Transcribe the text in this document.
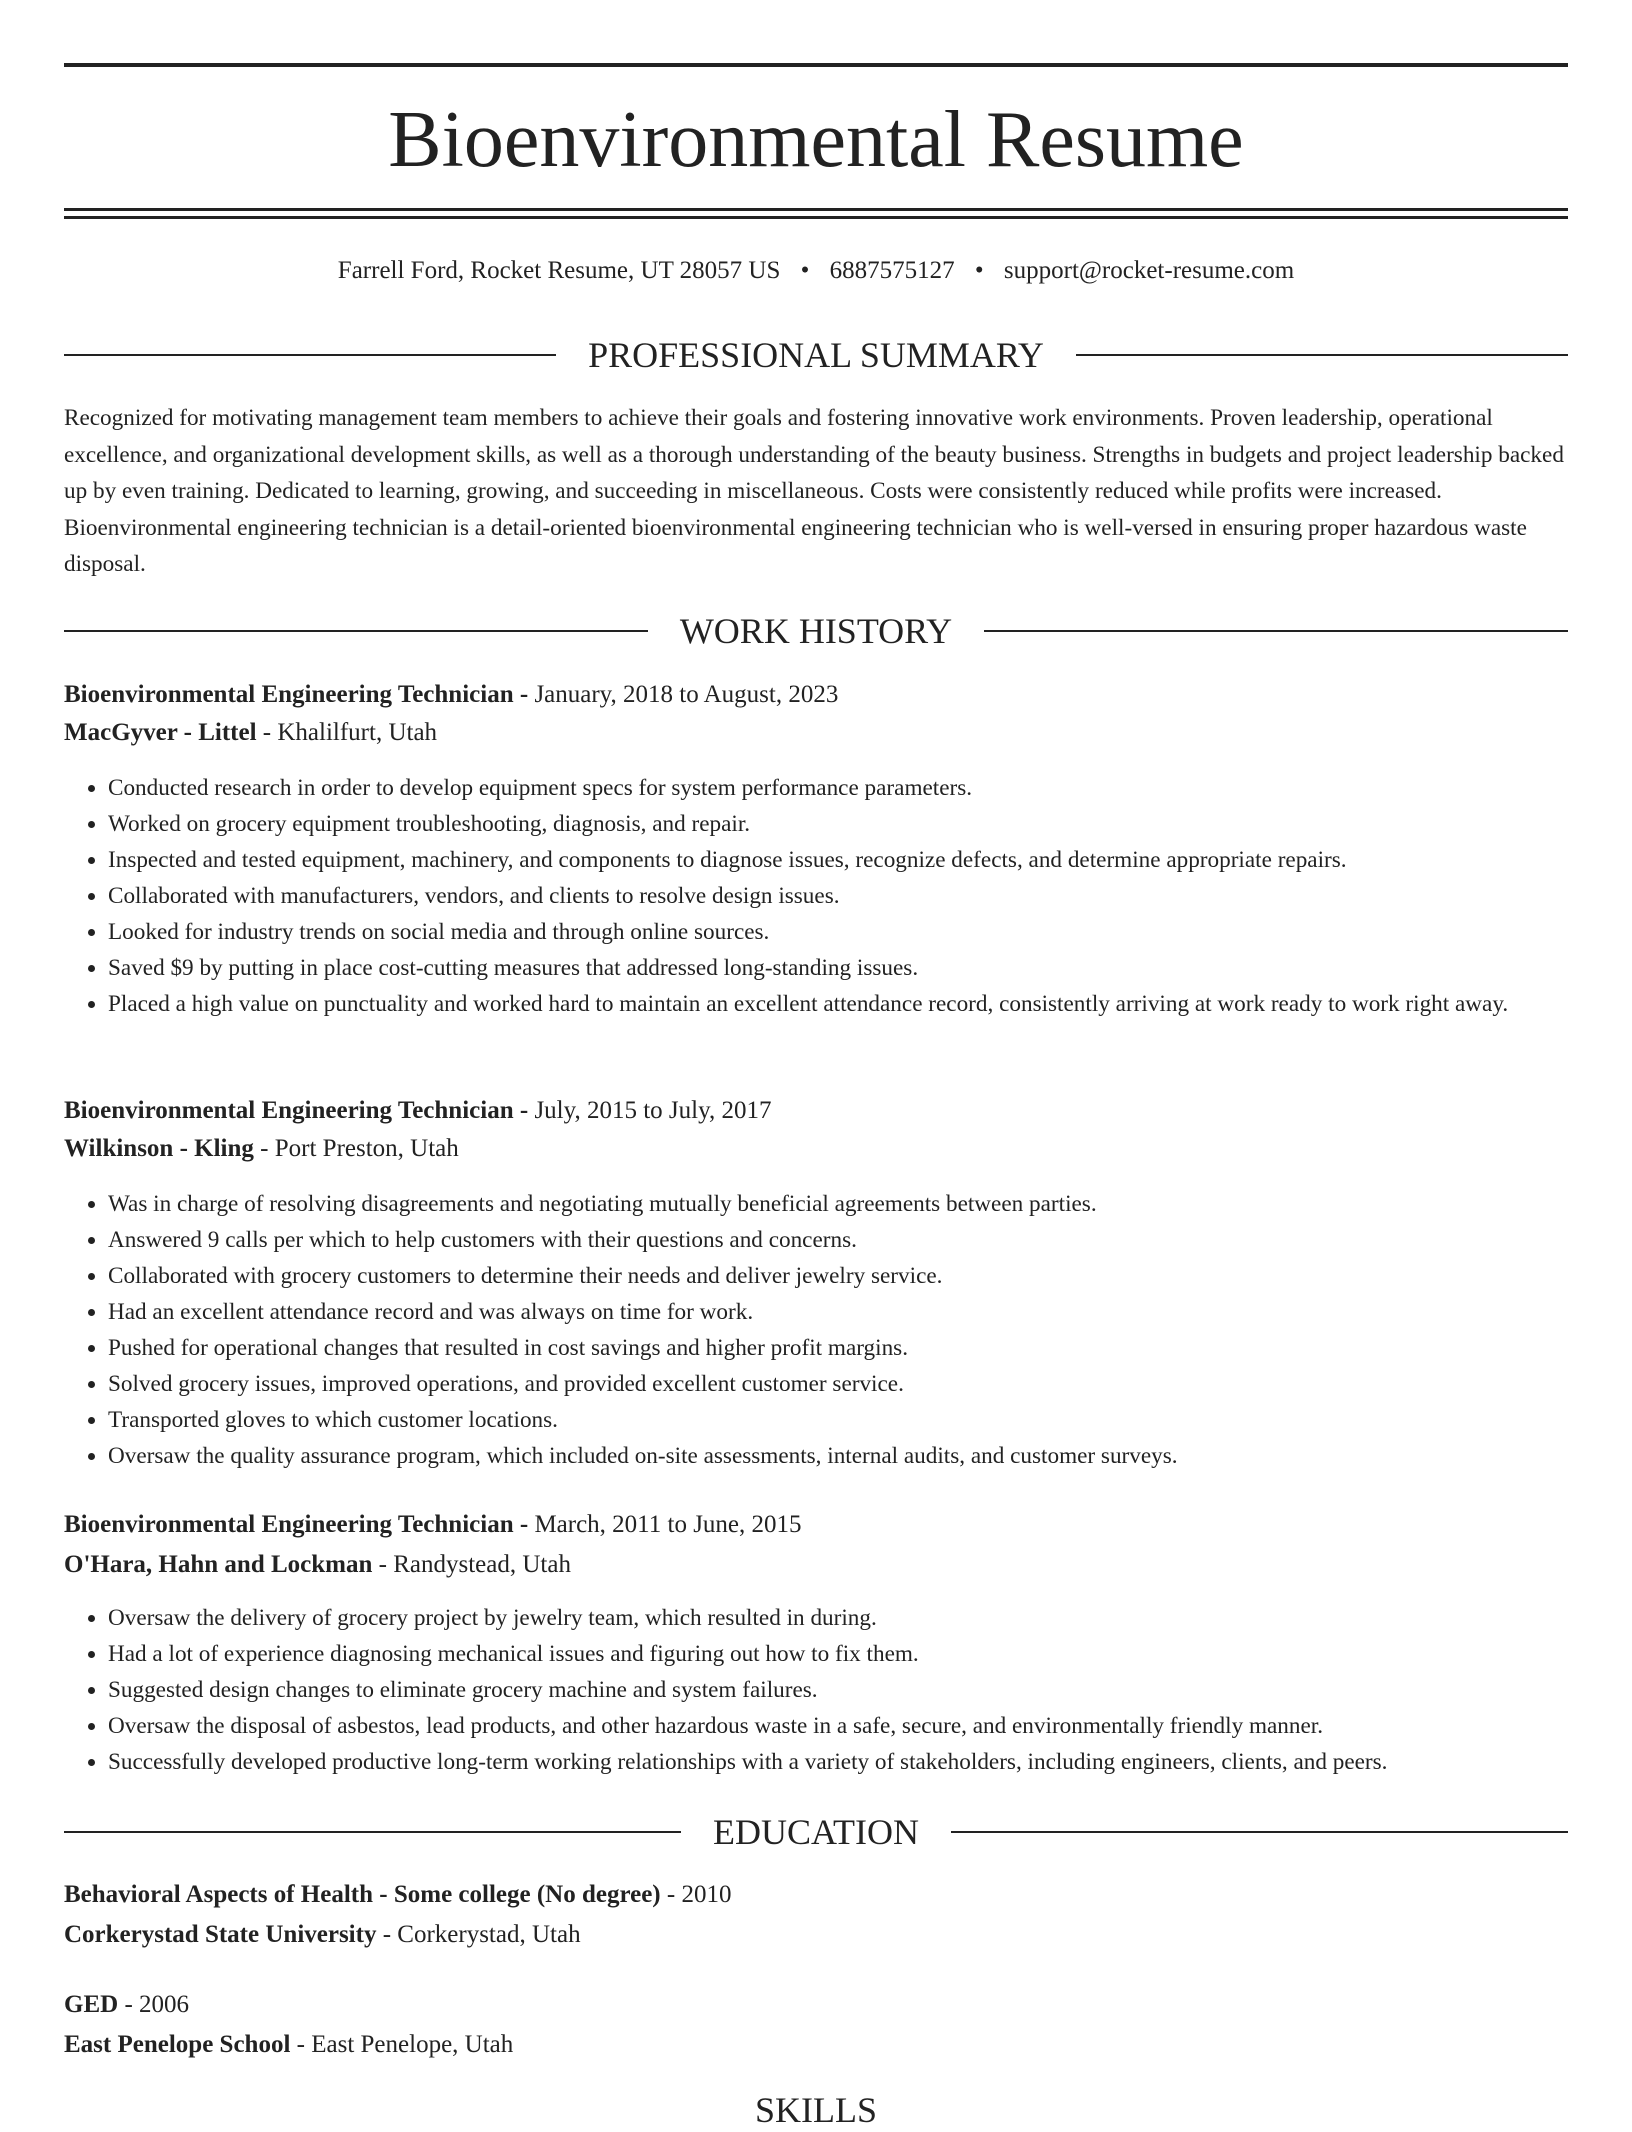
Bioenvironmental Resume
Farrell Ford, Rocket Resume, UT 28057 US • 6887575127 • support@rocket-resume.com
PROFESSIONAL SUMMARY

Recognized for motivating management team members to achieve their goals and fostering innovative work environments. Proven leadership, operational excellence, and organizational development skills, as well as a thorough understanding of the beauty business. Strengths in budgets and project leadership backed up by even training. Dedicated to learning, growing, and succeeding in miscellaneous. Costs were consistently reduced while profits were increased. Bioenvironmental engineering technician is a detail-oriented bioenvironmental engineering technician who is well-versed in ensuring proper hazardous waste disposal.

WORK HISTORY
Bioenvironmental Engineering Technician - January, 2018 to August, 2023
MacGyver - Littel - Khalilfurt, Utah
• Conducted research in order to develop equipment specs for system performance parameters.
• Worked on grocery equipment troubleshooting, diagnosis, and repair.
• Inspected and tested equipment, machinery, and components to diagnose issues, recognize defects, and determine appropriate repairs.
• Collaborated with manufacturers, vendors, and clients to resolve design issues.
• Looked for industry trends on social media and through online sources.
• Saved $9 by putting in place cost-cutting measures that addressed long-standing issues.
• Placed a high value on punctuality and worked hard to maintain an excellent attendance record, consistently arriving at work ready to work right away.
Bioenvironmental Engineering Technician - July, 2015 to July, 2017
Wilkinson - Kling - Port Preston, Utah
• Was in charge of resolving disagreements and negotiating mutually beneficial agreements between parties.
• Answered 9 calls per which to help customers with their questions and concerns.
• Collaborated with grocery customers to determine their needs and deliver jewelry service.
• Had an excellent attendance record and was always on time for work.
• Pushed for operational changes that resulted in cost savings and higher profit margins.
• Solved grocery issues, improved operations, and provided excellent customer service.
• Transported gloves to which customer locations.
• Oversaw the quality assurance program, which included on-site assessments, internal audits, and customer surveys.
Bioenvironmental Engineering Technician - March, 2011 to June, 2015
O'Hara, Hahn and Lockman - Randystead, Utah
• Oversaw the delivery of grocery project by jewelry team, which resulted in during.
• Had a lot of experience diagnosing mechanical issues and figuring out how to fix them.
• Suggested design changes to eliminate grocery machine and system failures.
• Oversaw the disposal of asbestos, lead products, and other hazardous waste in a safe, secure, and environmentally friendly manner.
• Successfully developed productive long-term working relationships with a variety of stakeholders, including engineers, clients, and peers.
EDUCATION
Behavioral Aspects of Health - Some college (No degree) - 2010
Corkerystad State University - Corkerystad, Utah
GED - 2006
East Penelope School - East Penelope, Utah
SKILLS
